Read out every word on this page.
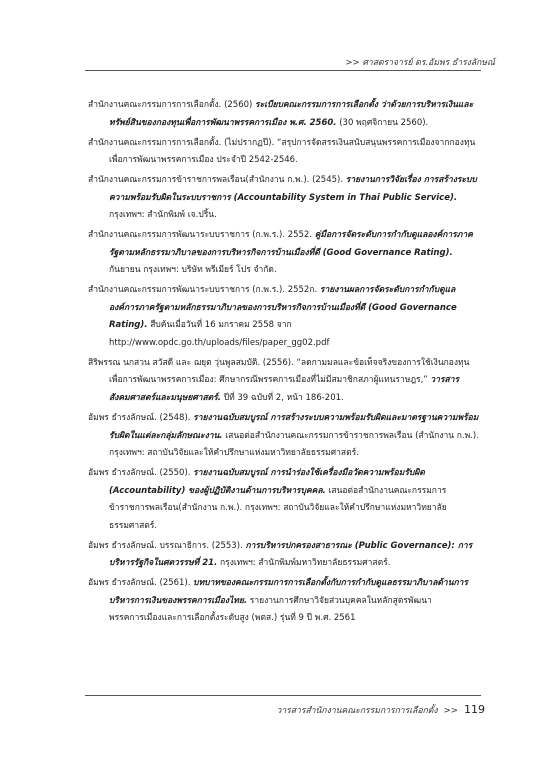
>> ศาสตราจารย์ ดร.อัมพร ธำรงลักษณ์

สำนักงานคณะกรรมการการเลือกตั้ง. (2560) ระเบียบคณะกรรมการการเลือกตั้ง ว่าด้วยการบริหารเงินและทรัพย์สินของกองทุนเพื่อการพัฒนาพรรคการเมือง พ.ศ. 2560. (30 พฤศจิกายน 2560).

สำนักงานคณะกรรมการการเลือกตั้ง. (ไม่ปรากฏปี). “สรุปการจัดสรรเงินสนับสนุนพรรคการเมืองจากกองทุนเพื่อการพัฒนาพรรคการเมือง ประจำปี 2542-2546.

สำนักงานคณะกรรมการข้าราชการพลเรือน(สำนักงาน ก.พ.). (2545). รายงานการวิจัยเรื่อง การสร้างระบบความพร้อมรับผิดในระบบราชการ (Accountability System in Thai Public Service). กรุงเทพฯ: สำนักพิมพ์ เจ.ปริ้น.

สำนักงานคณะกรรมการพัฒนาระบบราชการ (ก.พ.ร.). 2552. คู่มือการจัดระดับการกำกับดูแลองค์การภาครัฐตามหลักธรรมาภิบาลของการบริหารกิจการบ้านเมืองที่ดี (Good Governance Rating). กันยายน กรุงเทพฯ: บริษัท พรีเมียร์ โปร จำกัด.

สำนักงานคณะกรรมการพัฒนาระบบราชการ (ก.พ.ร.). 2552ก. รายงานผลการจัดระดับการกำกับดูแลองค์การภาครัฐตามหลักธรรมาภิบาลของการบริหารกิจการบ้านเมืองที่ดี (Good Governance Rating). สืบค้นเมื่อวันที่ 16 มกราคม 2558 จาก http://www.opdc.go.th/uploads/files/paper_gg02.pdf

สิริพรรณ นกสวน สวัสดี และ ฌยุต วุ่นพูลสมบัติ. (2556). “ลดกามมลและข้อเท็จจริงของการใช้เงินกองทุนเพื่อการพัฒนาพรรคการเมือง: ศึกษากรณีพรรคการเมืองที่ไม่มีสมาชิกสภาผู้แทนราษฎร,” วารสารสังคมศาสตร์และมนุษยศาสตร์. ปีที่ 39 ฉบับที่ 2, หน้า 186-201.

อัมพร ธำรงลักษณ์. (2548). รายงานฉบับสมบูรณ์ การสร้างระบบความพร้อมรับผิดและมาตรฐานความพร้อมรับผิดในแต่ละกลุ่มลักษณะงาน. เสนอต่อสำนักงานคณะกรรมการข้าราชการพลเรือน (สำนักงาน ก.พ.). กรุงเทพฯ: สถาบันวิจัยและให้คำปรึกษาแห่งมหาวิทยาลัยธรรมศาสตร์.

อัมพร ธำรงลักษณ์. (2550). รายงานฉบับสมบูรณ์ การนำร่องใช้เครื่องมือวัดความพร้อมรับผิด (Accountability) ของผู้ปฏิบัติงานด้านการบริหารบุคคล. เสนอต่อสำนักงานคณะกรรมการข้าราชการพลเรือน(สำนักงาน ก.พ.). กรุงเทพฯ: สถาบันวิจัยและให้คำปรึกษาแห่งมหาวิทยาลัยธรรมศาสตร์.

อัมพร ธำรงลักษณ์. บรรณาธิการ. (2553). การบริหารปกครองสาธารณะ (Public Governance): การบริหารรัฐกิจในศตวรรษที่ 21. กรุงเทพฯ: สำนักพิมพ์มหาวิทยาลัยธรรมศาสตร์.

อัมพร ธำรงลักษณ์. (2561). บทบาทของคณะกรรมการการเลือกตั้งกับการกำกับดูแลธรรมาภิบาลด้านการบริหารการเงินของพรรคการเมืองไทย. รายงานการศึกษาวิจัยส่วนบุคคลในหลักสูตรพัฒนาพรรคการเมืองและการเลือกตั้งระดับสูง (พตส.) รุ่นที่ 9 ปี พ.ศ. 2561

วารสารสำนักงานคณะกรรมการการเลือกตั้ง >> 119
